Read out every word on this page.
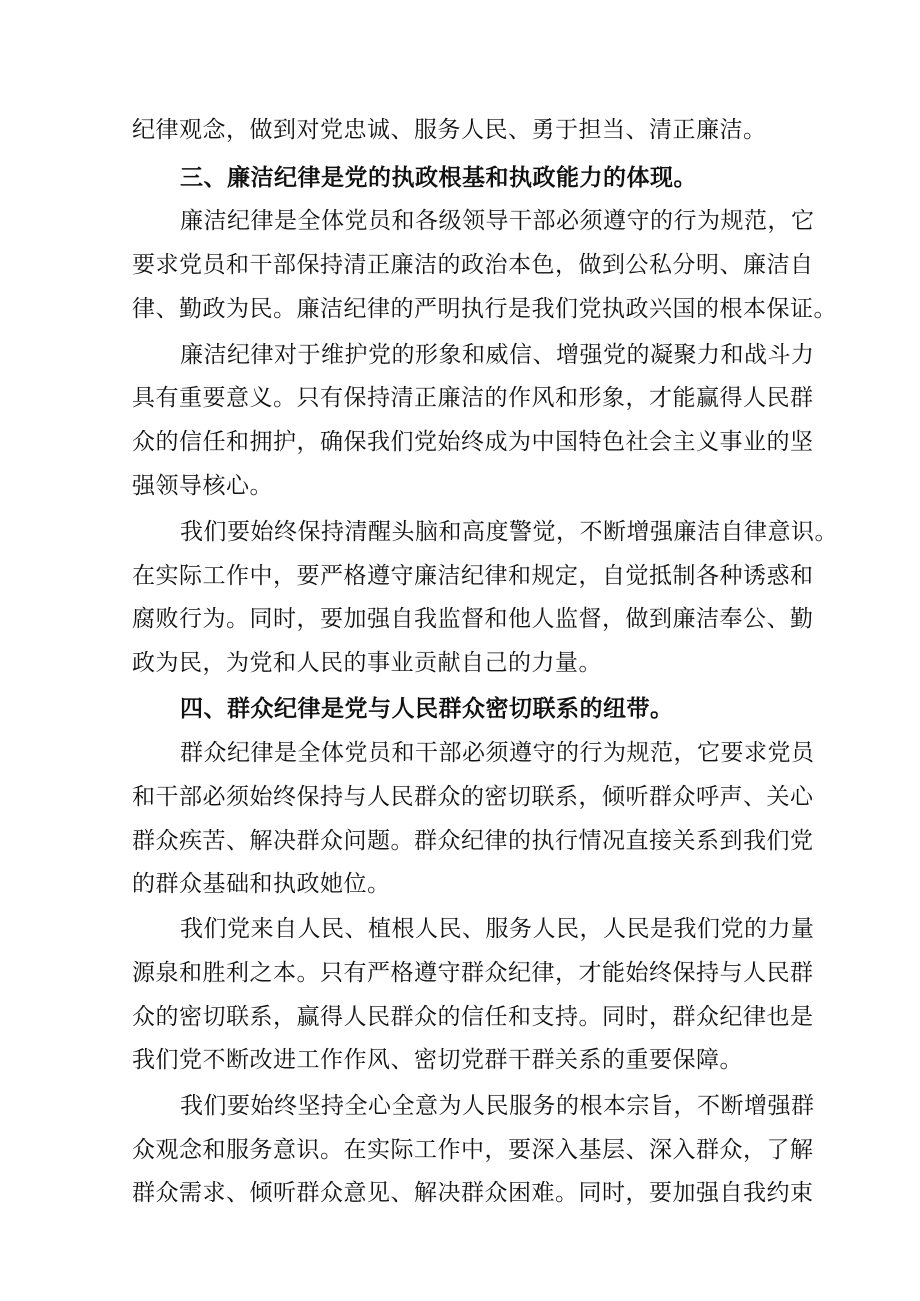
纪律观念，做到对党忠诚、服务人民、勇于担当、清正廉洁。
三、廉洁纪律是党的执政根基和执政能力的体现。
廉洁纪律是全体党员和各级领导干部必须遵守的行为规范，它
要求党员和干部保持清正廉洁的政治本色，做到公私分明、廉洁自
律、勤政为民。廉洁纪律的严明执行是我们党执政兴国的根本保证。
廉洁纪律对于维护党的形象和威信、增强党的凝聚力和战斗力
具有重要意义。只有保持清正廉洁的作风和形象，才能赢得人民群
众的信任和拥护，确保我们党始终成为中国特色社会主义事业的坚
强领导核心。
我们要始终保持清醒头脑和高度警觉，不断增强廉洁自律意识。
在实际工作中，要严格遵守廉洁纪律和规定，自觉抵制各种诱惑和
腐败行为。同时，要加强自我监督和他人监督，做到廉洁奉公、勤
政为民，为党和人民的事业贡献自己的力量。
四、群众纪律是党与人民群众密切联系的纽带。
群众纪律是全体党员和干部必须遵守的行为规范，它要求党员
和干部必须始终保持与人民群众的密切联系，倾听群众呼声、关心
群众疾苦、解决群众问题。群众纪律的执行情况直接关系到我们党
的群众基础和执政她位。
我们党来自人民、植根人民、服务人民，人民是我们党的力量
源泉和胜利之本。只有严格遵守群众纪律，才能始终保持与人民群
众的密切联系，赢得人民群众的信任和支持。同时，群众纪律也是
我们党不断改进工作作风、密切党群干群关系的重要保障。
我们要始终坚持全心全意为人民服务的根本宗旨，不断增强群
众观念和服务意识。在实际工作中，要深入基层、深入群众，了解
群众需求、倾听群众意见、解决群众困难。同时，要加强自我约束
